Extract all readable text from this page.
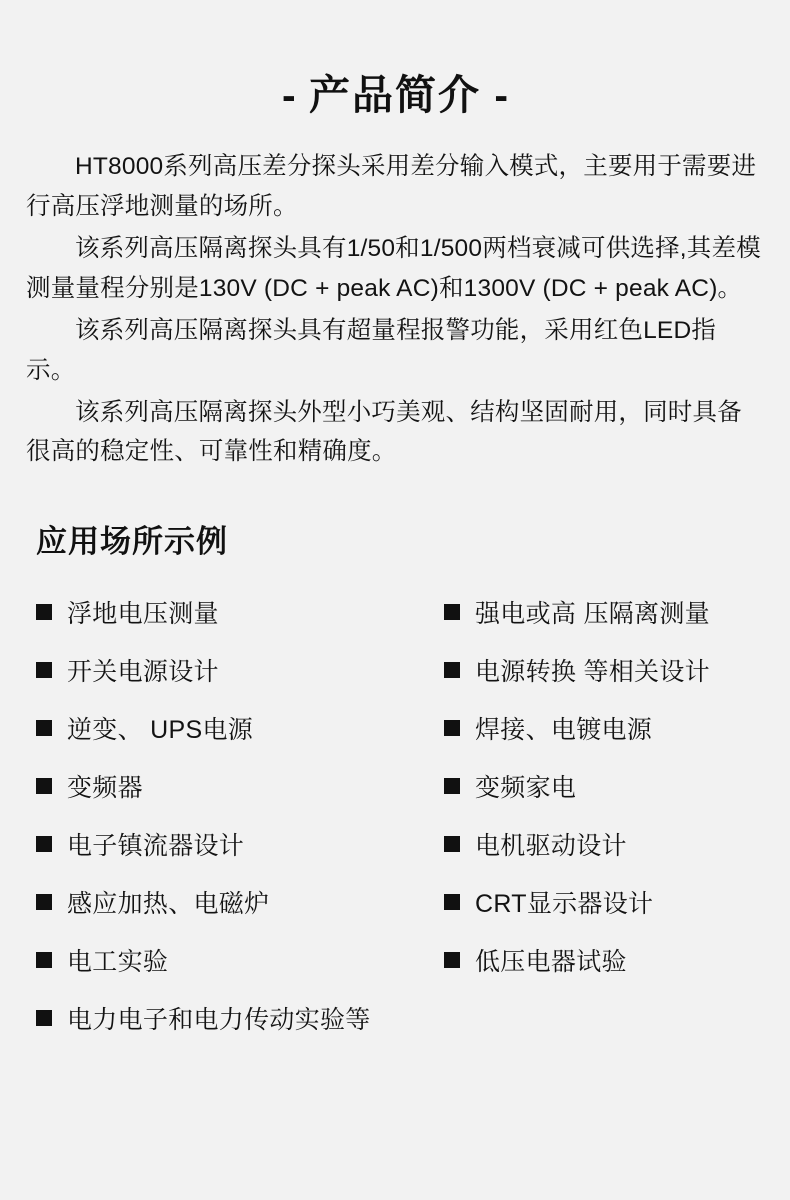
- 产品简介 -

HT8000系列高压差分探头采用差分输入模式，主要用于需要进行高压浮地测量的场所。

该系列高压隔离探头具有1/50和1/500两档衰减可供选择,其差模测量量程分别是130V (DC + peak AC)和1300V (DC + peak AC)。

该系列高压隔离探头具有超量程报警功能，采用红色LED指示。

该系列高压隔离探头外型小巧美观、结构坚固耐用，同时具备很高的稳定性、可靠性和精确度。

应用场所示例
浮地电压测量
开关电源设计
逆变、 UPS电源
变频器
电子镇流器设计
感应加热、电磁炉
电工实验
强电或高 压隔离测量
电源转换 等相关设计
焊接、电镀电源
变频家电
电机驱动设计
CRT显示器设计
低压电器试验
电力电子和电力传动实验等
